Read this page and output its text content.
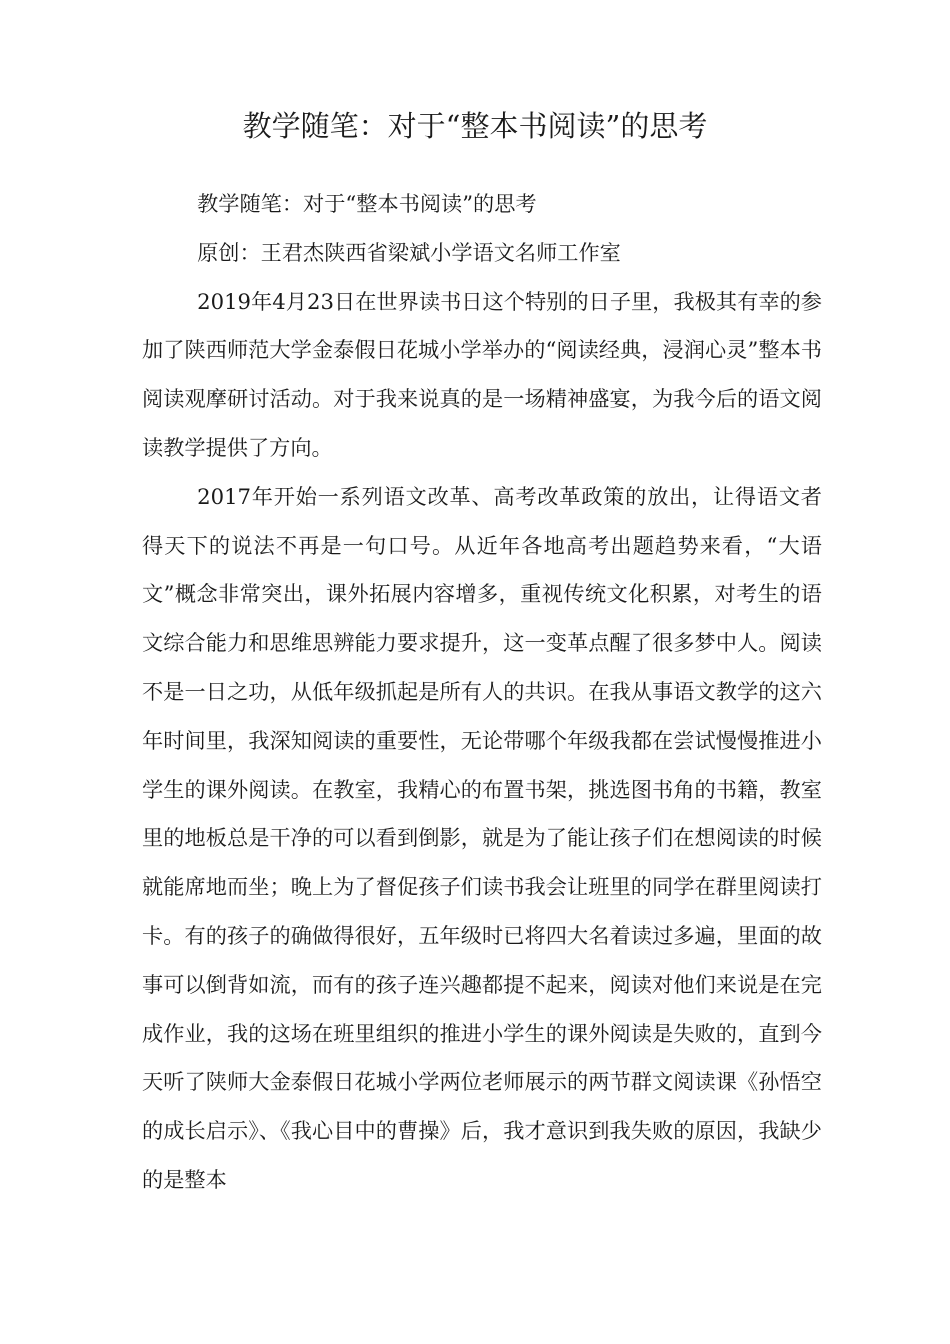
教学随笔：对于“整本书阅读”的思考

教学随笔：对于“整本书阅读”的思考

原创：王君杰陕西省梁斌小学语文名师工作室

2019年4月23日在世界读书日这个特别的日子里，我极其有幸的参加了陕西师范大学金泰假日花城小学举办的“阅读经典，浸润心灵”整本书阅读观摩研讨活动。对于我来说真的是一场精神盛宴，为我今后的语文阅读教学提供了方向。

2017年开始一系列语文改革、高考改革政策的放出，让得语文者得天下的说法不再是一句口号。从近年各地高考出题趋势来看，“大语文”概念非常突出，课外拓展内容增多，重视传统文化积累，对考生的语文综合能力和思维思辨能力要求提升，这一变革点醒了很多梦中人。阅读不是一日之功，从低年级抓起是所有人的共识。在我从事语文教学的这六年时间里，我深知阅读的重要性，无论带哪个年级我都在尝试慢慢推进小学生的课外阅读。在教室，我精心的布置书架，挑选图书角的书籍，教室里的地板总是干净的可以看到倒影，就是为了能让孩子们在想阅读的时候就能席地而坐；晚上为了督促孩子们读书我会让班里的同学在群里阅读打卡。有的孩子的确做得很好，五年级时已将四大名着读过多遍，里面的故事可以倒背如流，而有的孩子连兴趣都提不起来，阅读对他们来说是在完成作业，我的这场在班里组织的推进小学生的课外阅读是失败的，直到今天听了陕师大金泰假日花城小学两位老师展示的两节群文阅读课《孙悟空的成长启示》、《我心目中的曹操》后，我才意识到我失败的原因，我缺少的是整本
